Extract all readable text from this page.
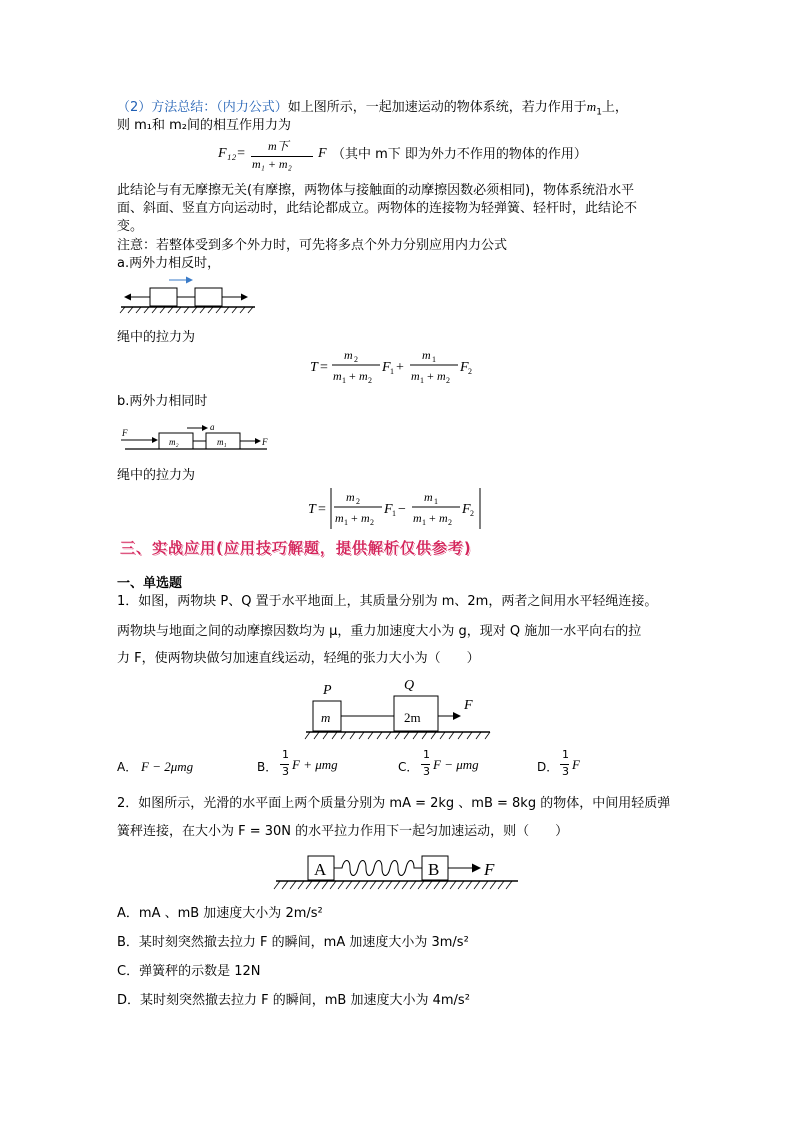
（2）方法总结：（内力公式）如上图所示，一起加速运动的物体系统，若力作用于$m_1$上，
则 m₁和 m₂间的相互作用力为
F₁₂= m下
m₁ + m₂
F （其中 m下 即为外力不作用的物体的作用）
此结论与有无摩擦无关(有摩擦，两物体与接触面的动摩擦因数必须相同)，物体系统沿水平
面、斜面、竖直方向运动时，此结论都成立。两物体的连接物为轻弹簧、轻杆时，此结论不
变。
注意：若整体受到多个外力时，可先将多点个外力分别应用内力公式
a.两外力相反时，
绳中的拉力为
T =
m 2
m 1 + m 2
F 1 +
m 1
m 1 + m 2
F 2
b.两外力相同时
F
a
m₂	m₁	F
绳中的拉力为
T =
m 2
m 1 + m 2
F 1 −
m 1
m 1 + m 2
F 2
三、实战应用(应用技巧解题，提供解析仅供参考)
一、单选题
1．如图，两物块 P、Q 置于水平地面上，其质量分别为 m、2m，两者之间用水平轻绳连接。
两物块与地面之间的动摩擦因数均为 μ，重力加速度大小为 g，现对 Q 施加一水平向右的拉
力 F，使两物块做匀加速直线运动，轻绳的张力大小为（　　）
P	Q
m	2m
F
A． F − 2μmg	B．
1
3 F + μmg	C．
1
3 F − μmg	D．
1
3 F
2．如图所示，光滑的水平面上两个质量分别为 mA = 2kg 、mB = 8kg 的物体，中间用轻质弹
簧秤连接，在大小为 F = 30N 的水平拉力作用下一起匀加速运动，则（　　）
A	B	F
A．mA 、mB 加速度大小为 2m/s²
B．某时刻突然撤去拉力 F 的瞬间，mA 加速度大小为 3m/s²
C．弹簧秤的示数是 12N
D．某时刻突然撤去拉力 F 的瞬间，mB 加速度大小为 4m/s²
